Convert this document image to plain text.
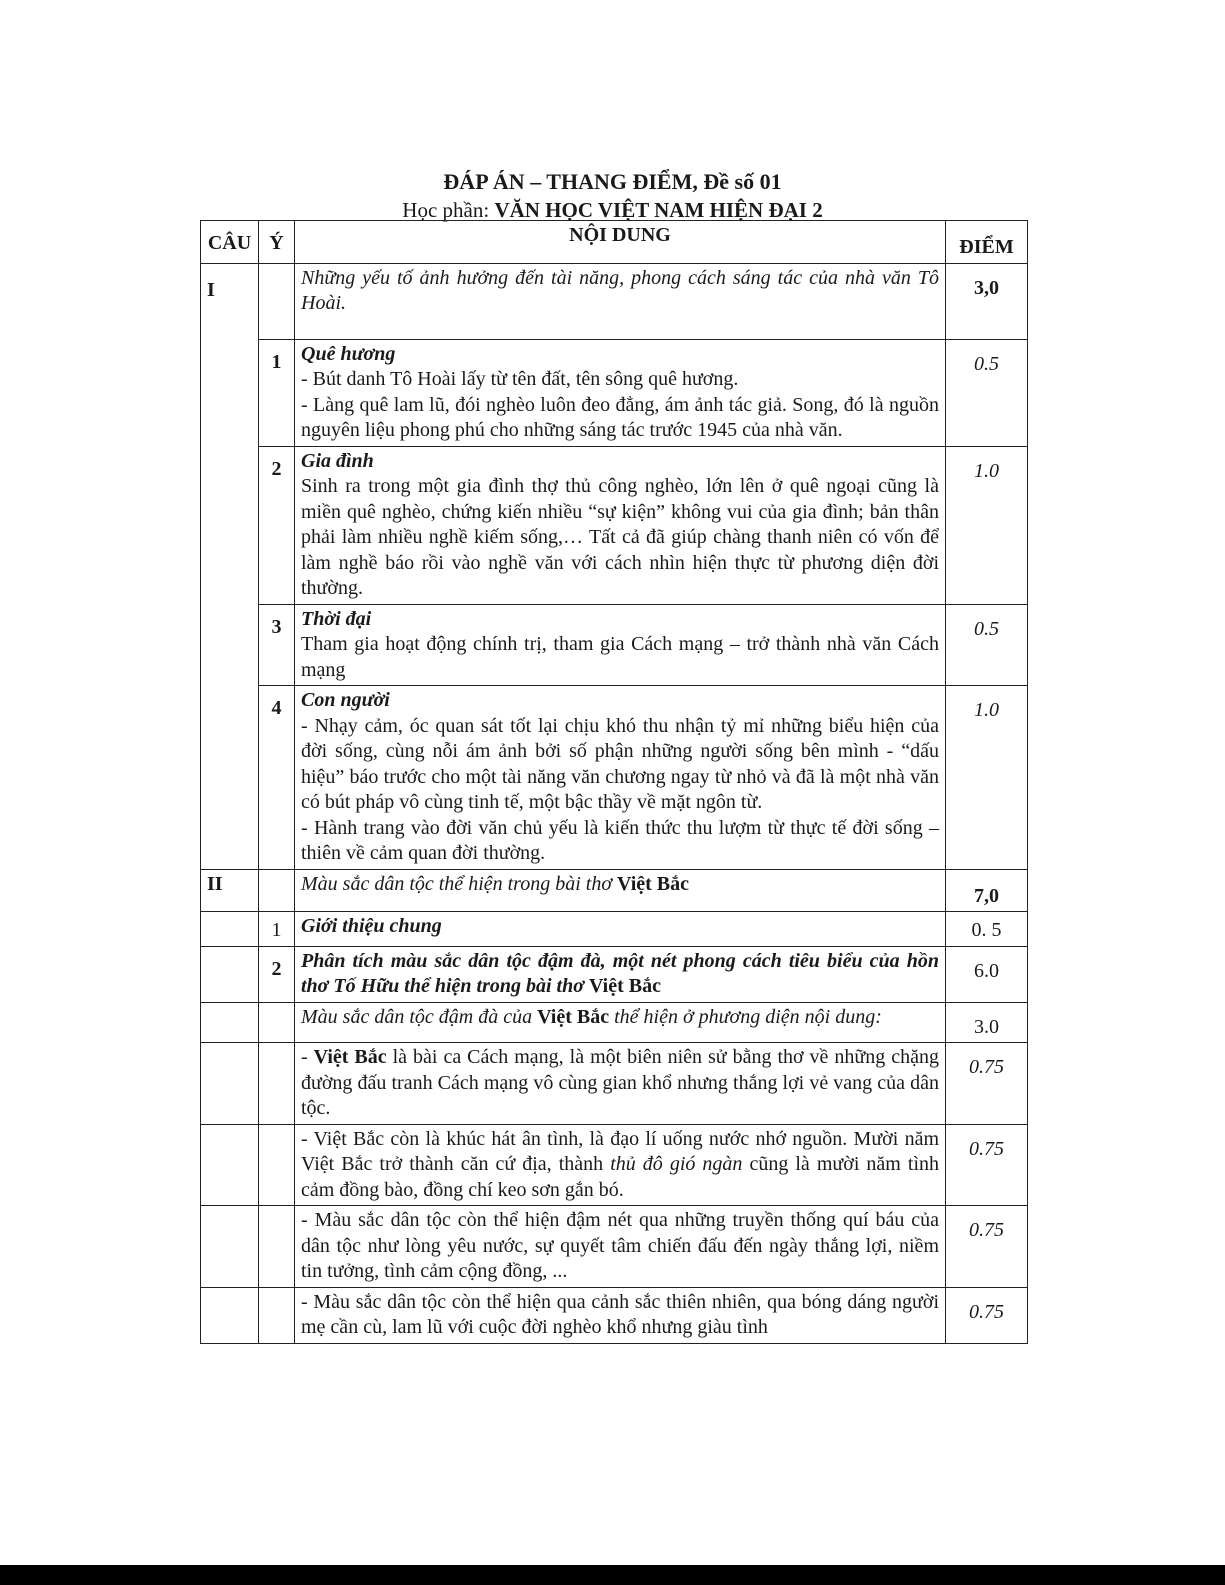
ĐÁP ÁN – THANG ĐIỂM, Đề số 01
Học phần: VĂN HỌC VIỆT NAM HIỆN ĐẠI 2
CÂU	Ý	NỘI DUNG	ĐIỂM
I		Những yếu tố ảnh hưởng đến tài năng, phong cách sáng tác của nhà văn Tô Hoài.	3,0
	1	Quê hương
- Bút danh Tô Hoài lấy từ tên đất, tên sông quê hương.
- Làng quê lam lũ, đói nghèo luôn đeo đẳng, ám ảnh tác giả. Song, đó là nguồn nguyên liệu phong phú cho những sáng tác trước 1945 của nhà văn.	0.5
	2	Gia đình
Sinh ra trong một gia đình thợ thủ công nghèo, lớn lên ở quê ngoại cũng là miền quê nghèo, chứng kiến nhiều “sự kiện” không vui của gia đình; bản thân phải làm nhiều nghề kiếm sống,… Tất cả đã giúp chàng thanh niên có vốn để làm nghề báo rồi vào nghề văn với cách nhìn hiện thực từ phương diện đời thường.	1.0
	3	Thời đại
Tham gia hoạt động chính trị, tham gia Cách mạng – trở thành nhà văn Cách mạng	0.5
	4	Con người
- Nhạy cảm, óc quan sát tốt lại chịu khó thu nhận tỷ mỉ những biểu hiện của đời sống, cùng nỗi ám ảnh bởi số phận những người sống bên mình - “dấu hiệu” báo trước cho một tài năng văn chương ngay từ nhỏ và đã là một nhà văn có bút pháp vô cùng tinh tế, một bậc thầy về mặt ngôn từ.
- Hành trang vào đời văn chủ yếu là kiến thức thu lượm từ thực tế đời sống – thiên về cảm quan đời thường.	1.0
II		Màu sắc dân tộc thể hiện trong bài thơ Việt Bắc	7,0
	1	Giới thiệu chung	0. 5
	2	Phân tích màu sắc dân tộc đậm đà, một nét phong cách tiêu biểu của hồn thơ Tố Hữu thể hiện trong bài thơ Việt Bắc	6.0
		Màu sắc dân tộc đậm đà của Việt Bắc thể hiện ở phương diện nội dung:	3.0
		- Việt Bắc là bài ca Cách mạng, là một biên niên sử bằng thơ về những chặng đường đấu tranh Cách mạng vô cùng gian khổ nhưng thắng lợi vẻ vang của dân tộc.	0.75
		- Việt Bắc còn là khúc hát ân tình, là đạo lí uống nước nhớ nguồn. Mười năm Việt Bắc trở thành căn cứ địa, thành thủ đô gió ngàn cũng là mười năm tình cảm đồng bào, đồng chí keo sơn gắn bó.	0.75
		- Màu sắc dân tộc còn thể hiện đậm nét qua những truyền thống quí báu của dân tộc như lòng yêu nước, sự quyết tâm chiến đấu đến ngày thắng lợi, niềm tin tưởng, tình cảm cộng đồng, ...	0.75
		- Màu sắc dân tộc còn thể hiện qua cảnh sắc thiên nhiên, qua bóng dáng người mẹ cần cù, lam lũ với cuộc đời nghèo khổ nhưng giàu tình	0.75
